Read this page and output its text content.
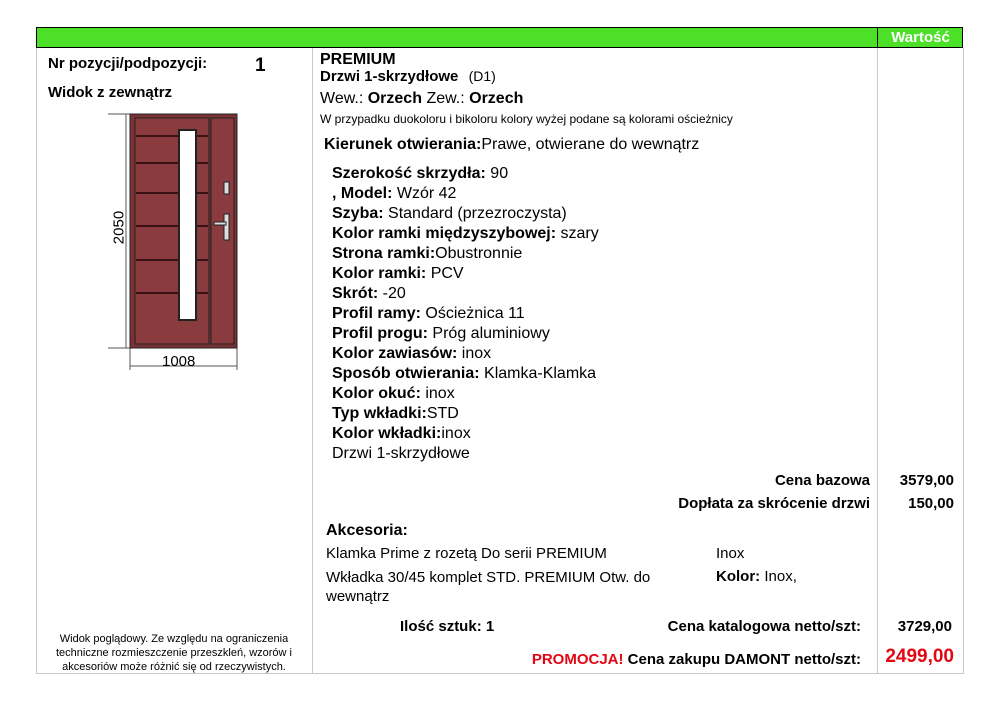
Wartość
Nr pozycji/podpozycji:	1
Widok z zewnątrz
2050
1008
Widok poglądowy. Ze względu na ograniczenia techniczne rozmieszczenie przeszkleń, wzorów i akcesoriów może różnić się od rzeczywistych.
PREMIUM
Drzwi 1-skrzydłowe (D1)
Wew.: Orzech Zew.: Orzech
W przypadku duokoloru i bikoloru kolory wyżej podane są kolorami ościeżnicy
Kierunek otwierania:Prawe, otwierane do wewnątrz
Szerokość skrzydła: 90
, Model: Wzór 42
Szyba: Standard (przezroczysta)
Kolor ramki międzyszybowej: szary
Strona ramki:Obustronnie
Kolor ramki: PCV
Skrót: -20
Profil ramy: Ościeżnica 11
Profil progu: Próg aluminiowy
Kolor zawiasów: inox
Sposób otwierania: Klamka-Klamka
Kolor okuć: inox
Typ wkładki:STD
Kolor wkładki:inox
Drzwi 1-skrzydłowe
Cena bazowa	3579,00
Dopłata za skrócenie drzwi	150,00
Akcesoria:
Klamka Prime z rozetą Do serii PREMIUM	Inox
Wkładka 30/45 komplet STD. PREMIUM Otw. do wewnątrz
Kolor: Inox,
Ilość sztuk: 1	Cena katalogowa netto/szt:	3729,00
PROMOCJA! Cena zakupu DAMONT netto/szt:	2499,00
